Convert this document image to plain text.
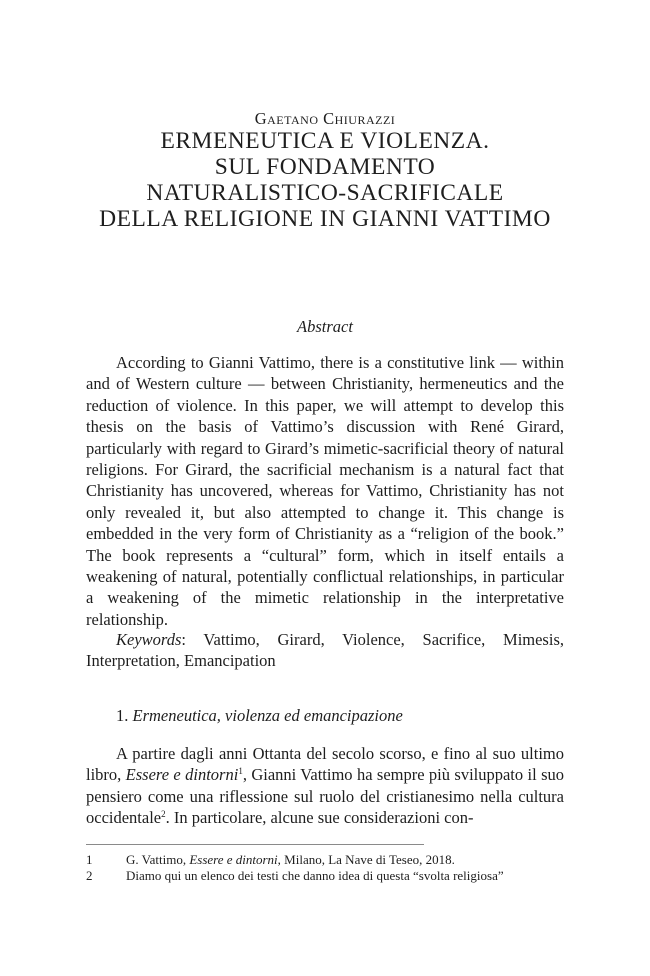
Gaetano Chiurazzi
ERMENEUTICA E VIOLENZA.
SUL FONDAMENTO
NATURALISTICO-SACRIFICALE
DELLA RELIGIONE IN GIANNI VATTIMO
Abstract
According to Gianni Vattimo, there is a constitutive link — within and of Western culture — between Christianity, hermeneutics and the reduction of violence. In this paper, we will attempt to develop this thesis on the basis of Vattimo’s discussion with René Girard, particularly with regard to Girard’s mimetic-sacrificial theory of natural religions. For Girard, the sacrificial mechanism is a natural fact that Christianity has uncovered, whereas for Vattimo, Christianity has not only revealed it, but also attempted to change it. This change is embedded in the very form of Christianity as a “religion of the book.” The book represents a “cultural” form, which in itself entails a weakening of natural, potentially conflictual relationships, in particular a weakening of the mimetic relationship in the interpretative relationship.
Keywords: Vattimo, Girard, Violence, Sacrifice, Mimesis, Interpretation, Emancipation
1. Ermeneutica, violenza ed emancipazione
A partire dagli anni Ottanta del secolo scorso, e fino al suo ultimo libro, Essere e dintorni$^1$, Gianni Vattimo ha sempre più sviluppato il suo pensiero come una riflessione sul ruolo del cristianesimo nella cultura occidentale$^2$. In particolare, alcune sue considerazioni con-
1	G. Vattimo, Essere e dintorni, Milano, La Nave di Teseo, 2018.
2	Diamo qui un elenco dei testi che danno idea di questa “svolta religiosa”
